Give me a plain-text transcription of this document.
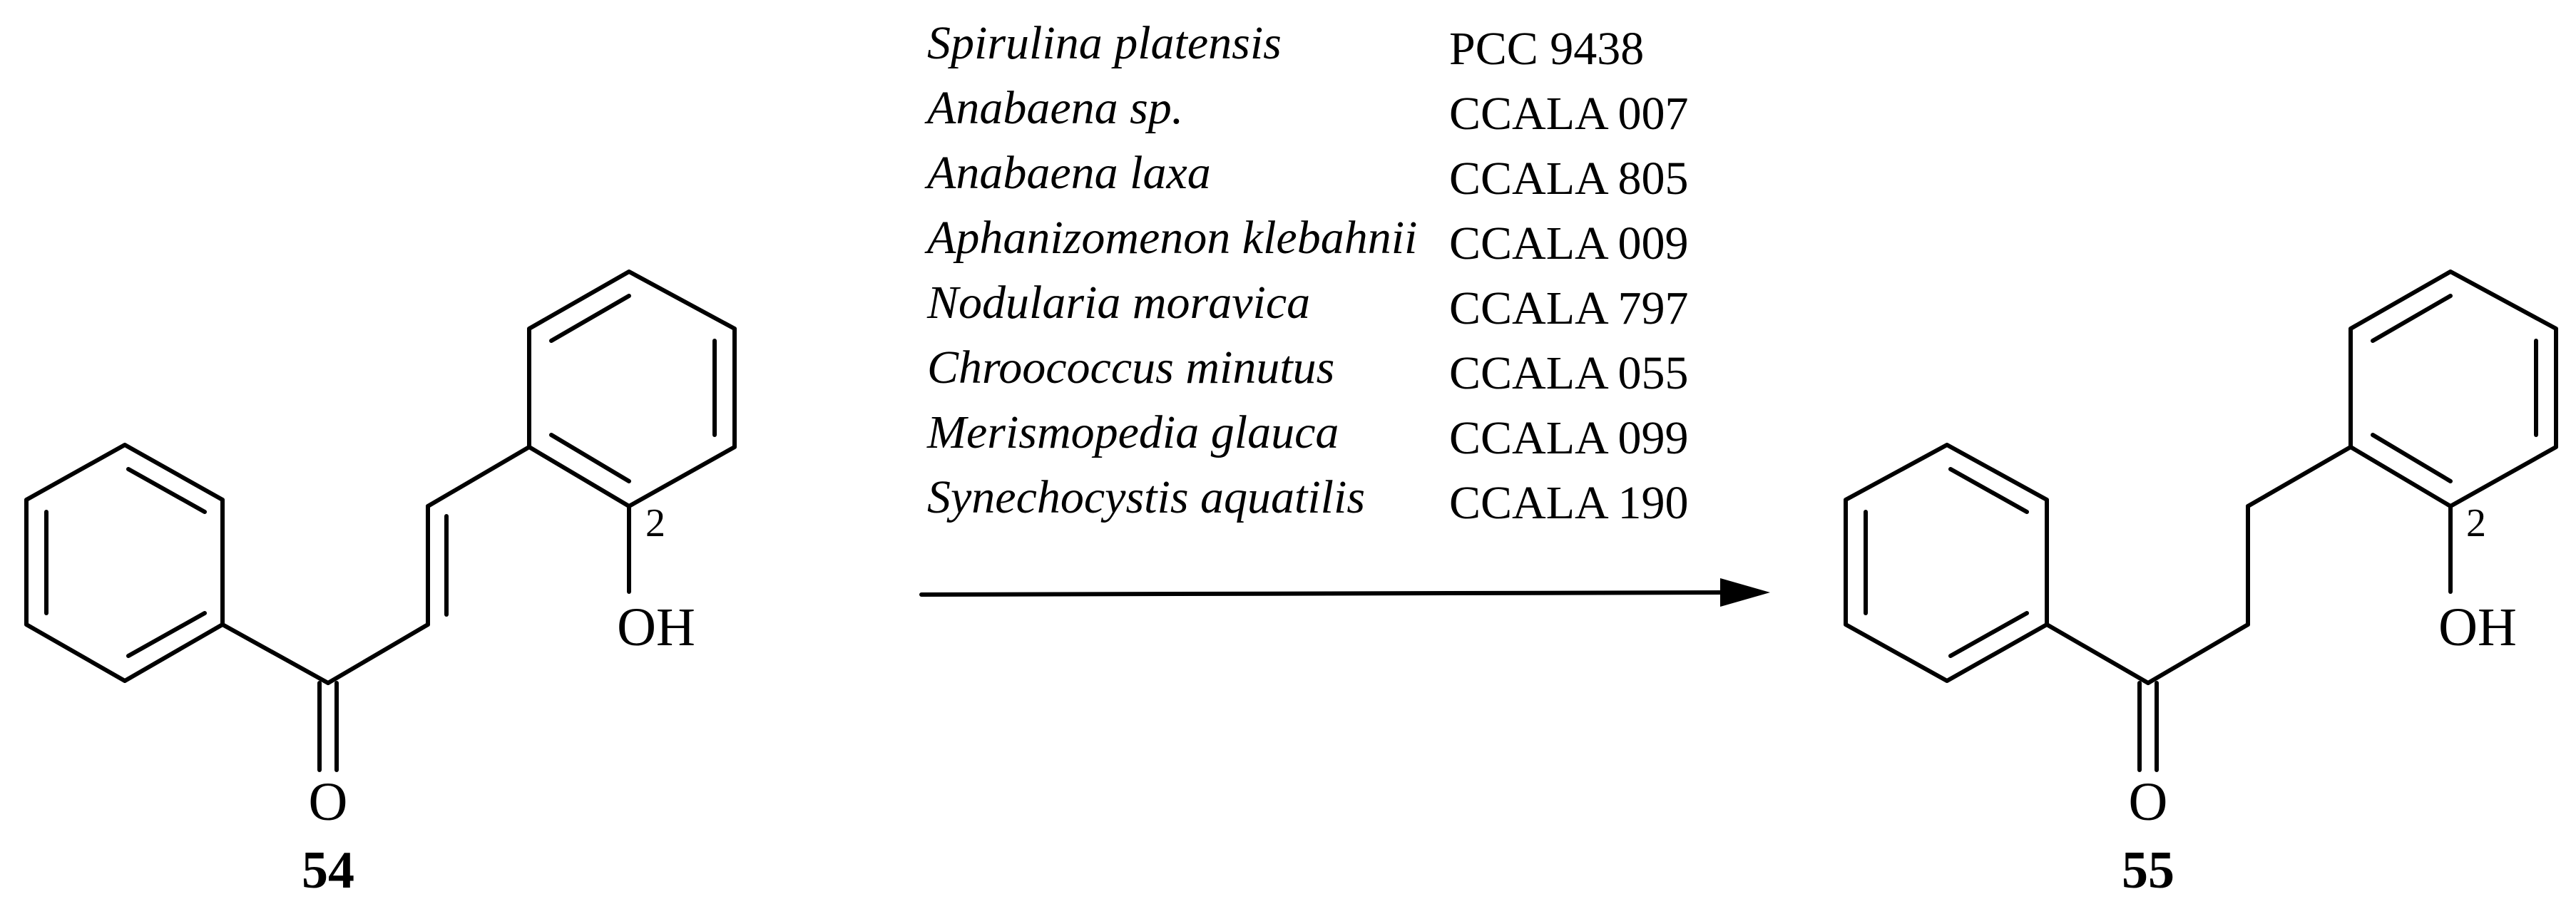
2
OH
O
54
Spirulina platensis	PCC 9438
Anabaena sp.	CCALA 007
Anabaena laxa	CCALA 805
Aphanizomenon klebahnii CCALA 009
Nodularia moravica	CCALA 797
Chroococcus minutus CCALA 055
Merismopedia glauca CCALA 099
Synechocystis aquatilis CCALA 190	2
OH
O
55
